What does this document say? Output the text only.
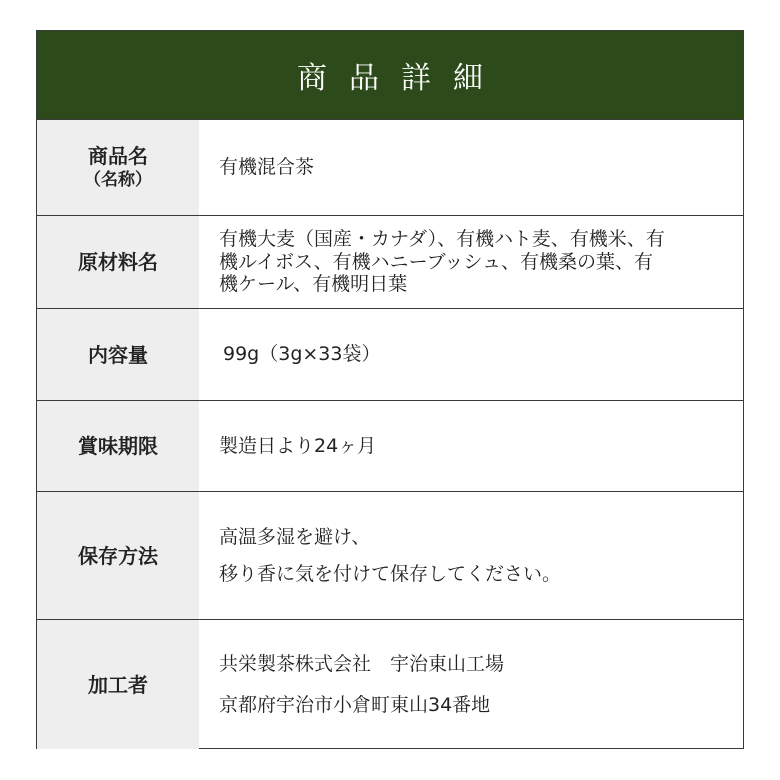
商品詳細
商品名
（名称）
有機混合茶
原材料名
有機大麦（国産・カナダ）、有機ハト麦、有機米、有
機ルイボス、有機ハニーブッシュ、有機桑の葉、有
機ケール、有機明日葉
内容量	99g（3g×33袋）
賞味期限	製造日より24ヶ月
保存方法
高温多湿を避け、
移り香に気を付けて保存してください。
加工者
共栄製茶株式会社　宇治東山工場
京都府宇治市小倉町東山34番地
